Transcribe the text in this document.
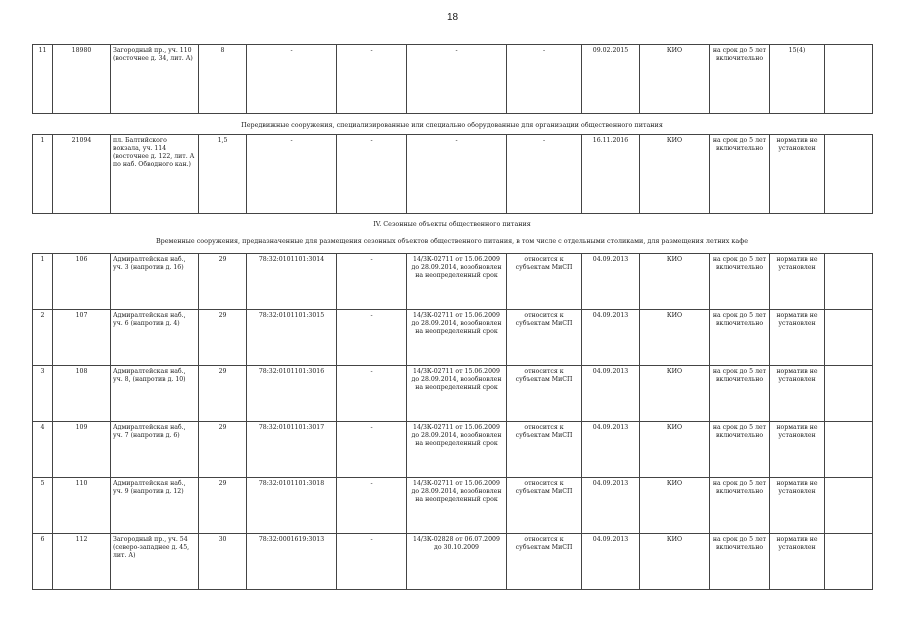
18
11	18980	Загородный пр., уч. 110 (восточнее д. 34, лит. А)	8	-	-	-	-	09.02.2015	КИО	на срок до 5 лет включительно	15(4)	
Передвижные сооружения, специализированные или специально оборудованные для организации общественного питания
1	21094	пл. Балтийского вокзала, уч. 114 (восточнее д. 122, лит. А по наб. Обводного кан.)	1,5	-	-	-	-	16.11.2016	КИО	на срок до 5 лет включительно	норматив не установлен	
IV. Сезонные объекты общественного питания
Временные сооружения, предназначенные для размещения сезонных объектов общественного питания, в том числе с отдельными столиками, для размещения летних кафе
1	106	Адмиралтейская наб., уч. 3 (напротив д. 16)	29	78:32:0101101:3014	-	14/ЗК-02711 от 15.06.2009 до 28.09.2014, возобновлен на неопределенный срок	относится к субъектам МиСП	04.09.2013	КИО	на срок до 5 лет включительно	норматив не установлен	
2	107	Адмиралтейская наб., уч. 6 (напротив д. 4)	29	78:32:0101101:3015	-	14/ЗК-02711 от 15.06.2009 до 28.09.2014, возобновлен на неопределенный срок	относится к субъектам МиСП	04.09.2013	КИО	на срок до 5 лет включительно	норматив не установлен	
3	108	Адмиралтейская наб., уч. 8, (напротив д. 10)	29	78:32:0101101:3016	-	14/ЗК-02711 от 15.06.2009 до 28.09.2014, возобновлен на неопределенный срок	относится к субъектам МиСП	04.09.2013	КИО	на срок до 5 лет включительно	норматив не установлен	
4	109	Адмиралтейская наб., уч. 7 (напротив д. 6)	29	78:32:0101101:3017	-	14/ЗК-02711 от 15.06.2009 до 28.09.2014, возобновлен на неопределенный срок	относится к субъектам МиСП	04.09.2013	КИО	на срок до 5 лет включительно	норматив не установлен	
5	110	Адмиралтейская наб., уч. 9 (напротив д. 12)	29	78:32:0101101:3018	-	14/ЗК-02711 от 15.06.2009 до 28.09.2014, возобновлен на неопределенный срок	относится к субъектам МиСП	04.09.2013	КИО	на срок до 5 лет включительно	норматив не установлен	
6	112	Загородный пр., уч. 54 (северо-западнее д. 45, лит. А)	30	78:32:0001619:3013	-	14/ЗК-02828 от 06.07.2009 до 30.10.2009	относится к субъектам МиСП	04.09.2013	КИО	на срок до 5 лет включительно	норматив не установлен	
